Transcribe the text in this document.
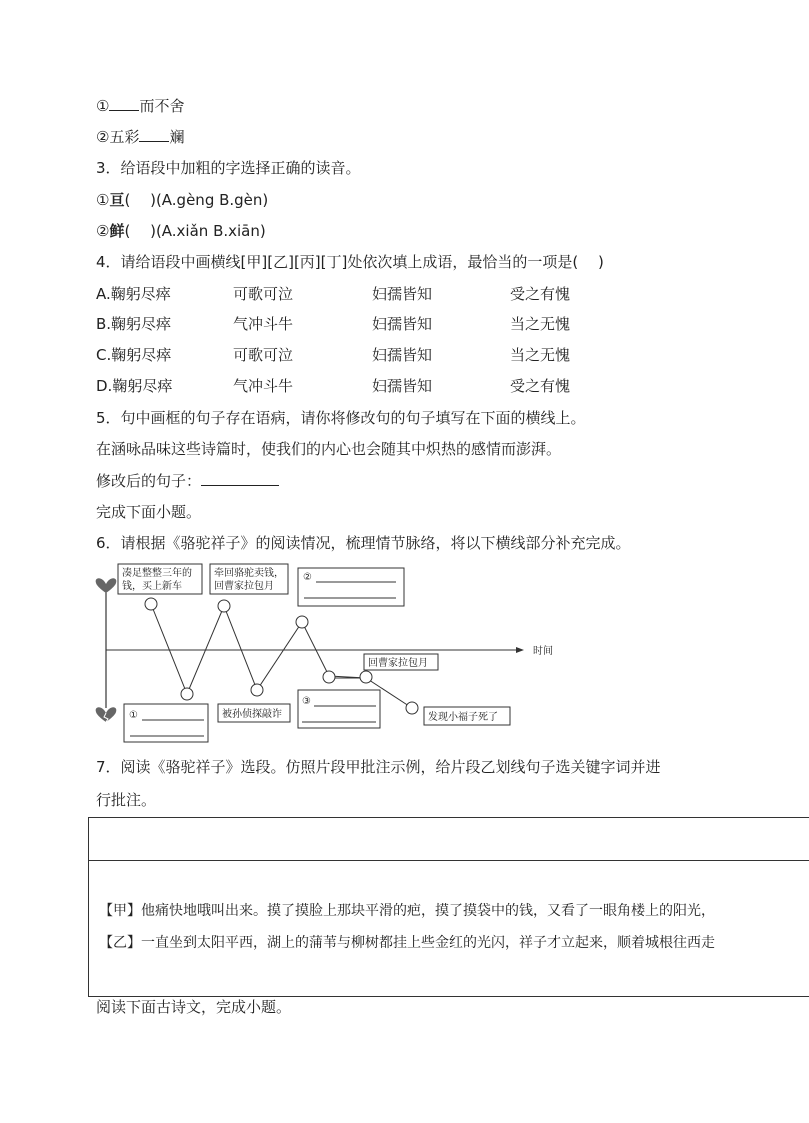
① 而不舍
②五彩 斓
3．给语段中加粗的字选择正确的读音。
①亘(　 )(A.gèng B.gèn)
②鲜(　 )(A.xiǎn B.xiān)
4．请给语段中画横线[甲][乙][丙][丁]处依次填上成语，最恰当的一项是(　 )
A.鞠躬尽瘁	可歌可泣	妇孺皆知	受之有愧
B.鞠躬尽瘁	气冲斗牛	妇孺皆知	当之无愧
C.鞠躬尽瘁	可歌可泣	妇孺皆知	当之无愧
D.鞠躬尽瘁	气冲斗牛	妇孺皆知	受之有愧
5．句中画框的句子存在语病，请你将修改句的句子填写在下面的横线上。
在涵咏品味这些诗篇时，使我们的内心也会随其中炽热的感情而澎湃。
修改后的句子：
完成下面小题。
6．请根据《骆驼祥子》的阅读情况，梳理情节脉络，将以下横线部分补充完成。
时间
凑足整整三年的
钱，买上新车
牵回骆驼卖钱，
回曹家拉包月
②
①	被孙侦探敲诈
③
回曹家拉包月
发现小福子死了
7．阅读《骆驼祥子》选段。仿照片段甲批注示例，给片段乙划线句子选关键字词并进
行批注。
【甲】他痛快地哦叫出来。摸了摸脸上那块平滑的疤，摸了摸袋中的钱，又看了一眼角楼上的阳光，
【乙】一直坐到太阳平西，湖上的蒲苇与柳树都挂上些金红的光闪，祥子才立起来，顺着城根往西走
阅读下面古诗文，完成小题。
